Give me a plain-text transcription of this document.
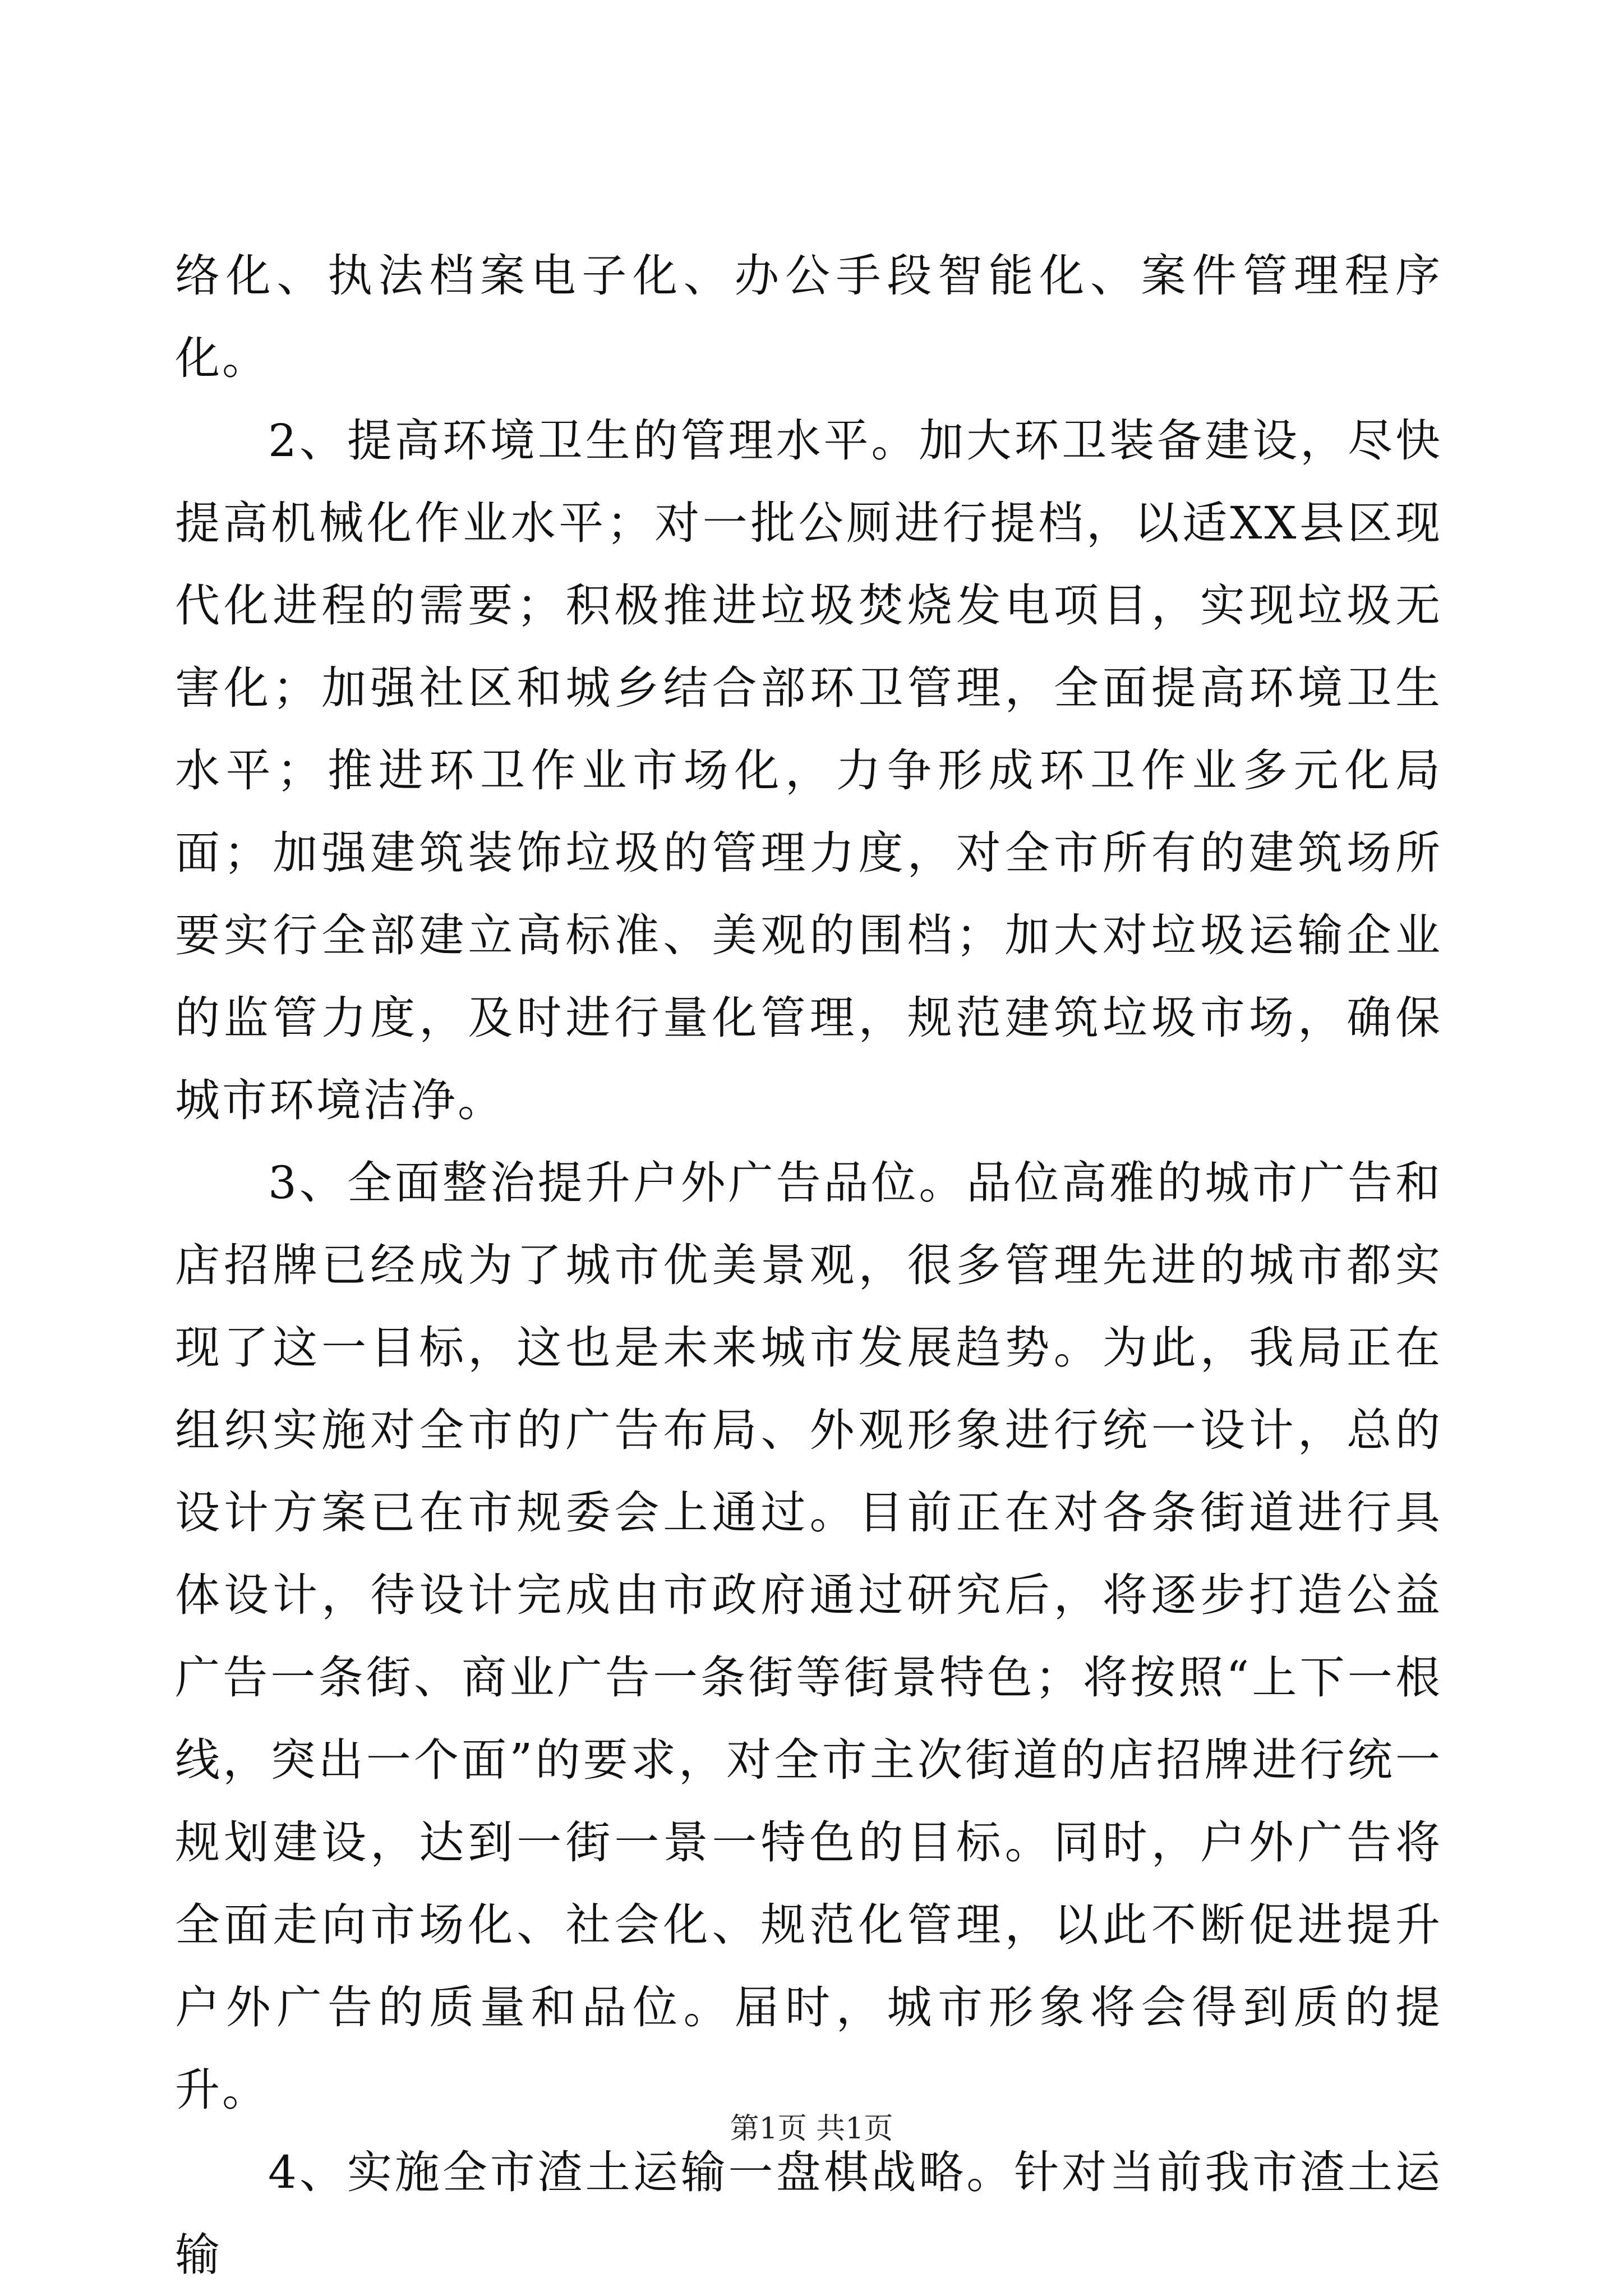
络化、执法档案电子化、办公手段智能化、案件管理程序化。

2、提高环境卫生的管理水平。加大环卫装备建设，尽快提高机械化作业水平；对一批公厕进行提档，以适XX县区现代化进程的需要；积极推进垃圾焚烧发电项目，实现垃圾无害化；加强社区和城乡结合部环卫管理，全面提高环境卫生水平；推进环卫作业市场化，力争形成环卫作业多元化局面；加强建筑装饰垃圾的管理力度，对全市所有的建筑场所要实行全部建立高标准、美观的围档；加大对垃圾运输企业的监管力度，及时进行量化管理，规范建筑垃圾市场，确保城市环境洁净。

3、全面整治提升户外广告品位。品位高雅的城市广告和店招牌已经成为了城市优美景观，很多管理先进的城市都实现了这一目标，这也是未来城市发展趋势。为此，我局正在组织实施对全市的广告布局、外观形象进行统一设计，总的设计方案已在市规委会上通过。目前正在对各条街道进行具体设计，待设计完成由市政府通过研究后，将逐步打造公益广告一条街、商业广告一条街等街景特色；将按照“上下一根线，突出一个面”的要求，对全市主次街道的店招牌进行统一规划建设，达到一街一景一特色的目标。同时，户外广告将全面走向市场化、社会化、规范化管理，以此不断促进提升户外广告的质量和品位。届时，城市形象将会得到质的提升。

4、实施全市渣土运输一盘棋战略。针对当前我市渣土运输

第1页 共1页
